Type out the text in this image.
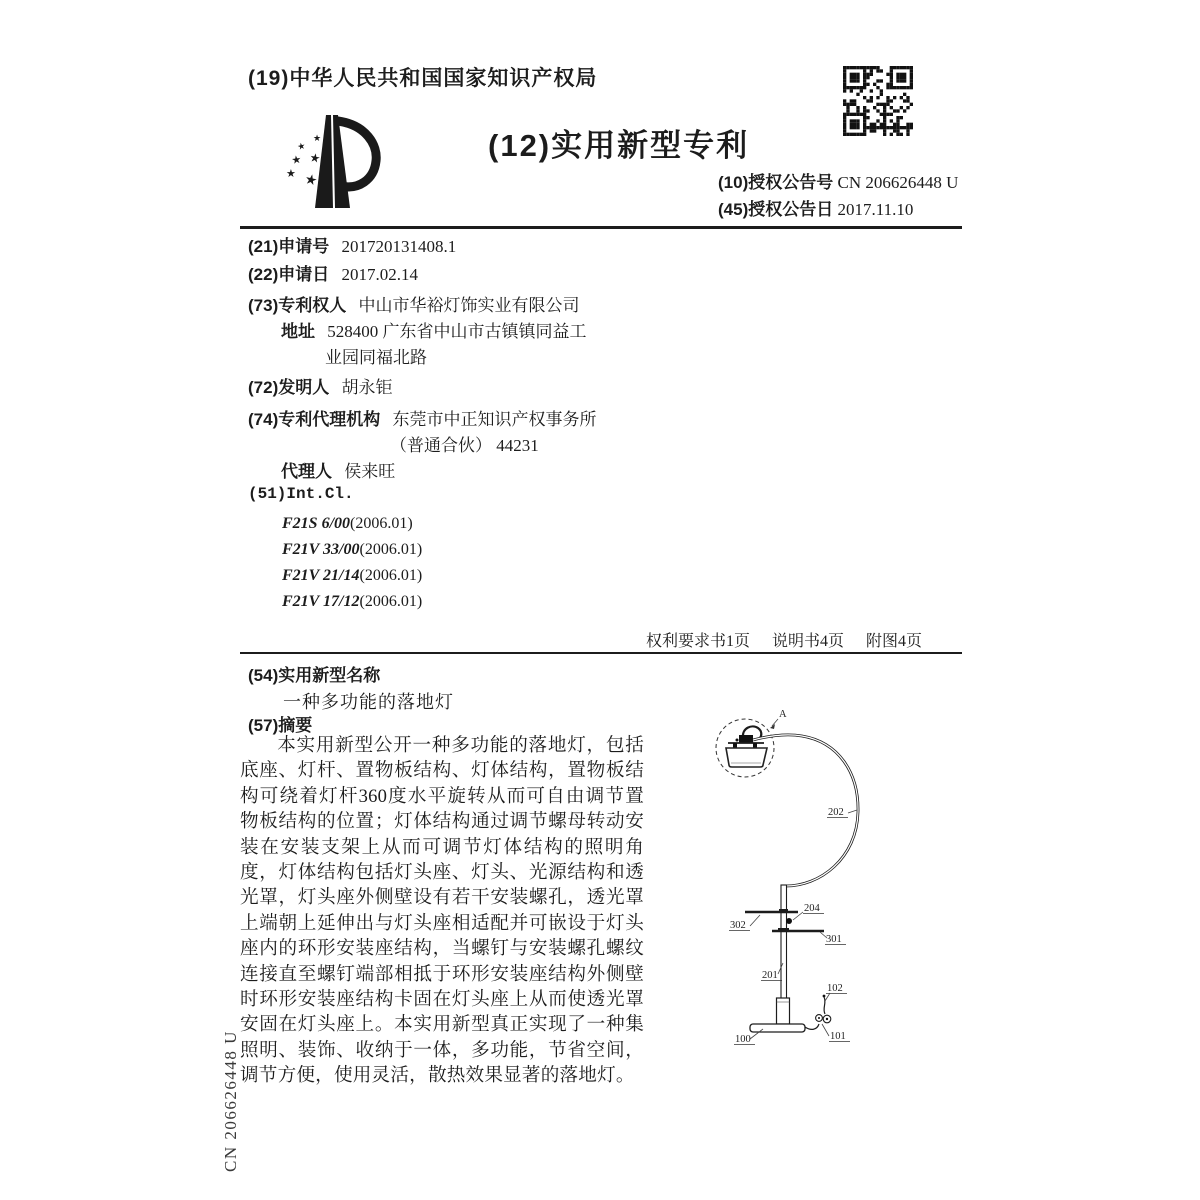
(19)中华人民共和国国家知识产权局
★
★
★ ★
★ ★
(12)实用新型专利
(10)授权公告号 CN 206626448 U
(45)授权公告日 2017.11.10
(21)申请号 201720131408.1
(22)申请日 2017.02.14
(73)专利权人 中山市华裕灯饰实业有限公司
地址 528400 广东省中山市古镇镇同益工
业园同福北路
(72)发明人 胡永钜
(74)专利代理机构 东莞市中正知识产权事务所
（普通合伙） 44231
代理人 侯来旺
(51)Int.Cl.
F21S 6/00(2006.01)
F21V 33/00(2006.01)
F21V 21/14(2006.01)
F21V 17/12(2006.01)
权利要求书1页 说明书4页 附图4页
(54)实用新型名称
一种多功能的落地灯
(57)摘要
本实用新型公开一种多功能的落地灯，包括底座、灯杆、置物板结构、灯体结构，置物板结构可绕着灯杆360度水平旋转从而可自由调节置物板结构的位置；灯体结构通过调节螺母转动安装在安装支架上从而可调节灯体结构的照明角度，灯体结构包括灯头座、灯头、光源结构和透光罩，灯头座外侧壁设有若干安装螺孔，透光罩上端朝上延伸出与灯头座相适配并可嵌设于灯头座内的环形安装座结构，当螺钉与安装螺孔螺纹连接直至螺钉端部相抵于环形安装座结构外侧壁时环形安装座结构卡固在灯头座上从而使透光罩安固在灯头座上。本实用新型真正实现了一种集照明、装饰、收纳于一体，多功能，节省空间，调节方便，使用灵活，散热效果显著的落地灯。
A
202
302
204
301
201
102
101
100
CN 206626448 U
